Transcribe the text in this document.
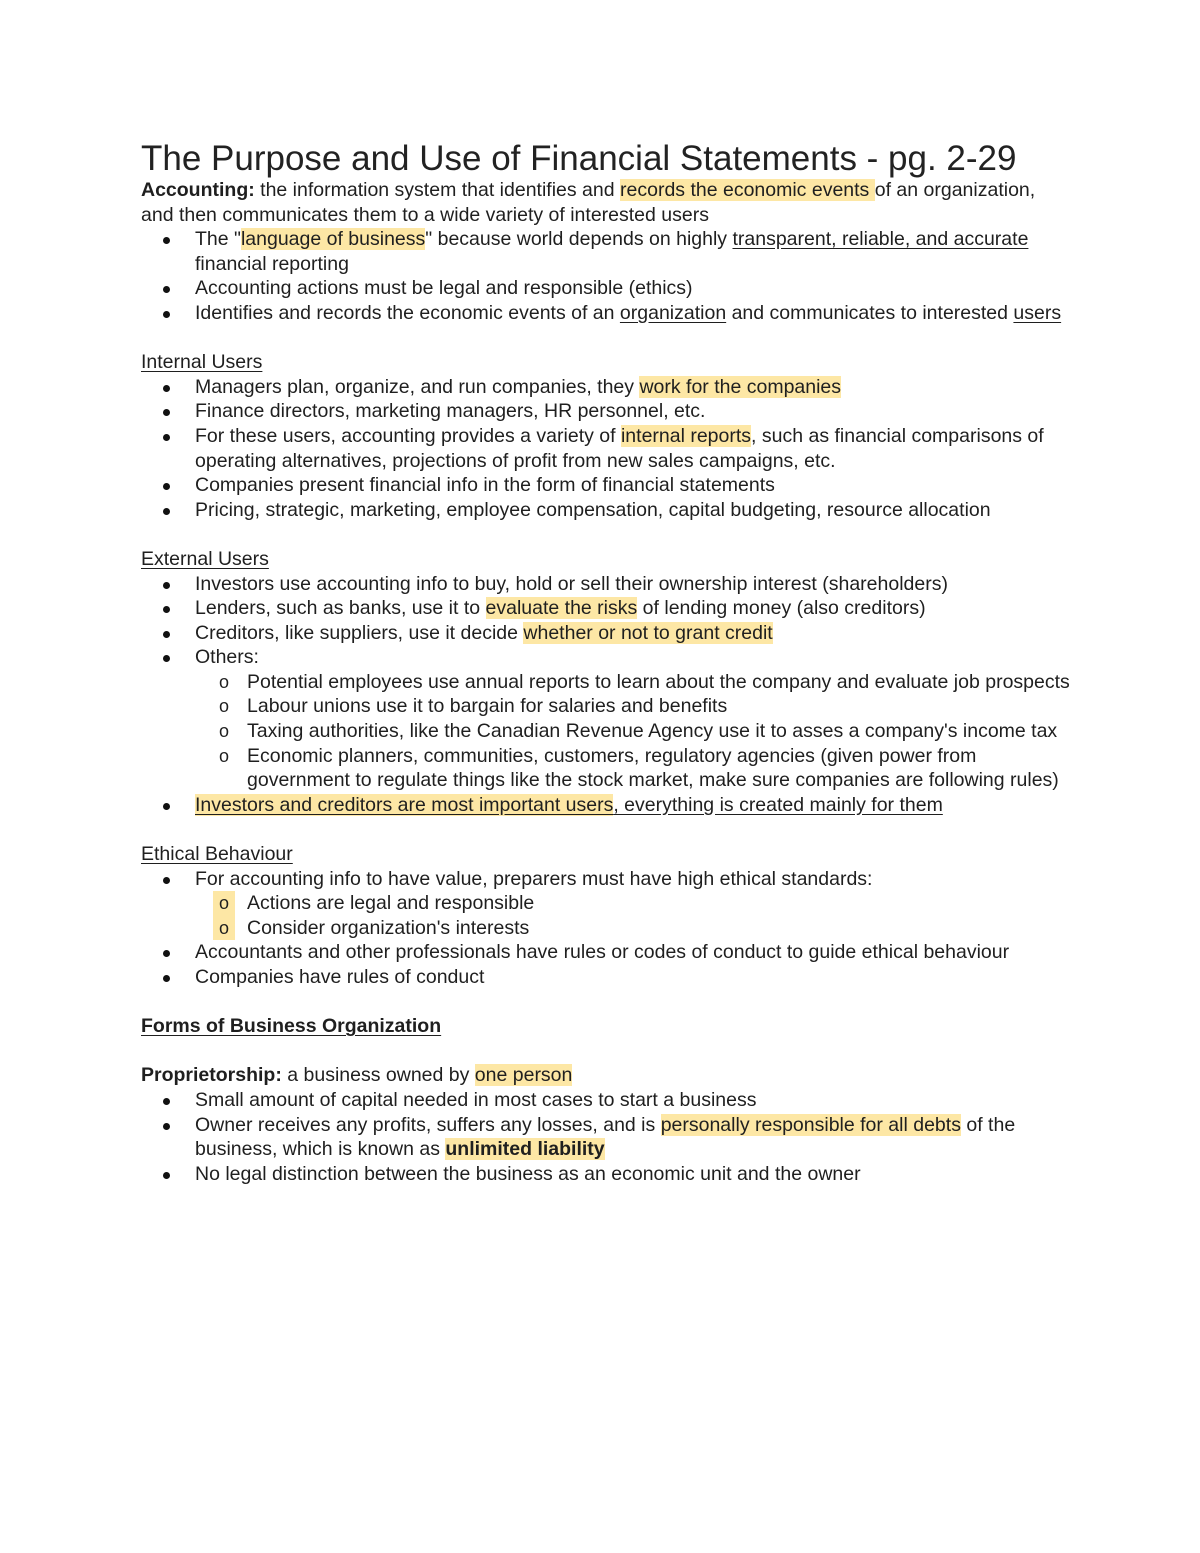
The Purpose and Use of Financial Statements - pg. 2-29

Accounting: the information system that identifies and records the economic events of an organization, and then communicates them to a wide variety of interested users

The "language of business" because world depends on highly transparent, reliable, and accurate financial reporting
Accounting actions must be legal and responsible (ethics)
Identifies and records the economic events of an organization and communicates to interested users

Internal Users

Managers plan, organize, and run companies, they work for the companies
Finance directors, marketing managers, HR personnel, etc.
For these users, accounting provides a variety of internal reports, such as financial comparisons of operating alternatives, projections of profit from new sales campaigns, etc.
Companies present financial info in the form of financial statements
Pricing, strategic, marketing, employee compensation, capital budgeting, resource allocation

External Users

Investors use accounting info to buy, hold or sell their ownership interest (shareholders)
Lenders, such as banks, use it to evaluate the risks of lending money (also creditors)
Creditors, like suppliers, use it decide whether or not to grant credit
Others:
o Potential employees use annual reports to learn about the company and evaluate job prospects
o Labour unions use it to bargain for salaries and benefits
o Taxing authorities, like the Canadian Revenue Agency use it to asses a company's income tax
o Economic planners, communities, customers, regulatory agencies (given power from government to regulate things like the stock market, make sure companies are following rules)
Investors and creditors are most important users, everything is created mainly for them

Ethical Behaviour

For accounting info to have value, preparers must have high ethical standards:
o Actions are legal and responsible
o Consider organization's interests
Accountants and other professionals have rules or codes of conduct to guide ethical behaviour
Companies have rules of conduct

Forms of Business Organization

Proprietorship: a business owned by one person

Small amount of capital needed in most cases to start a business
Owner receives any profits, suffers any losses, and is personally responsible for all debts of the business, which is known as unlimited liability
No legal distinction between the business as an economic unit and the owner
